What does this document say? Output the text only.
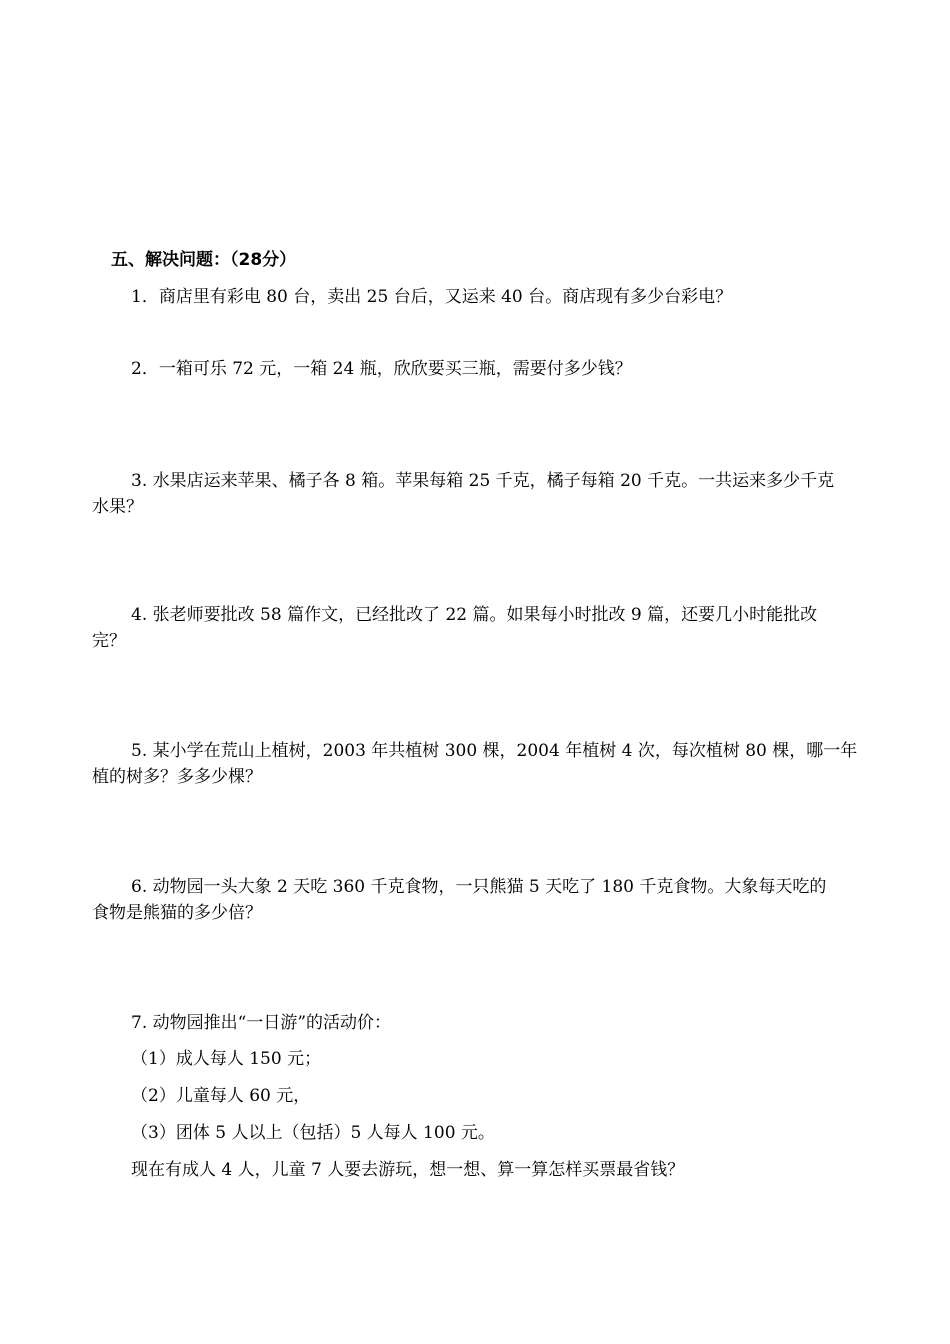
五、解决问题：（28分）
1．商店里有彩电 80 台，卖出 25 台后，又运来 40 台。商店现有多少台彩电？
2．一箱可乐 72 元，一箱 24 瓶，欣欣要买三瓶，需要付多少钱？
3. 水果店运来苹果、橘子各 8 箱。苹果每箱 25 千克，橘子每箱 20 千克。一共运来多少千克
水果？
4. 张老师要批改 58 篇作文，已经批改了 22 篇。如果每小时批改 9 篇，还要几小时能批改
完？
5. 某小学在荒山上植树，2003 年共植树 300 棵，2004 年植树 4 次，每次植树 80 棵，哪一年
植的树多？多多少棵？
6. 动物园一头大象 2 天吃 360 千克食物，一只熊猫 5 天吃了 180 千克食物。大象每天吃的
食物是熊猫的多少倍？
7. 动物园推出“一日游”的活动价：
（1）成人每人 150 元；
（2）儿童每人 60 元，
（3）团体 5 人以上（包括）5 人每人 100 元。
现在有成人 4 人，儿童 7 人要去游玩，想一想、算一算怎样买票最省钱？
